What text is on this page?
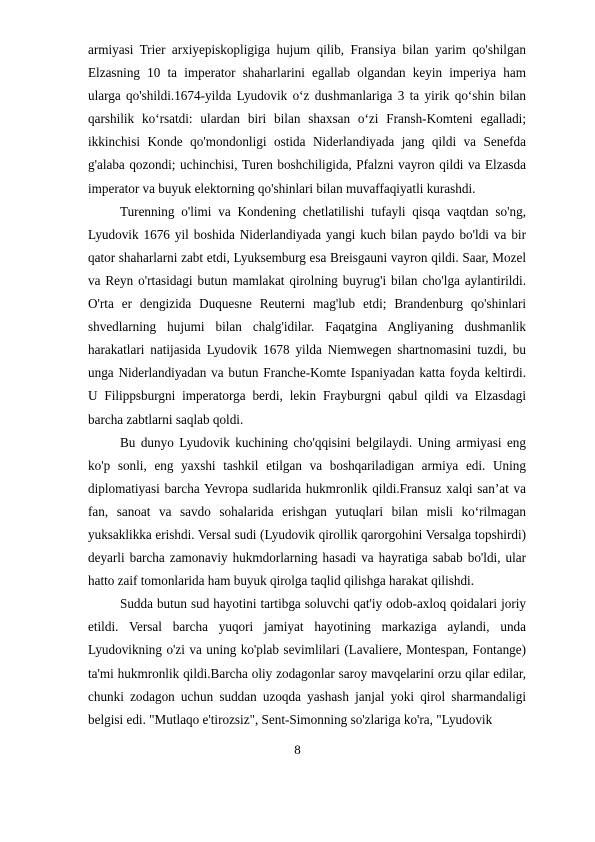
armiyasi Trier arxiyepiskopligiga hujum qilib, Fransiya bilan yarim qo'shilgan Elzasning 10 ta imperator shaharlarini egallab olgandan keyin imperiya ham ularga qo'shildi.1674-yilda Lyudovik o‘z dushmanlariga 3 ta yirik qo‘shin bilan qarshilik ko‘rsatdi: ulardan biri bilan shaxsan o‘zi Fransh-Komteni egalladi; ikkinchisi Konde qo'mondonligi ostida Niderlandiyada jang qildi va Senefda g'alaba qozondi; uchinchisi, Turen boshchiligida, Pfalzni vayron qildi va Elzasda imperator va buyuk elektorning qo'shinlari bilan muvaffaqiyatli kurashdi.

Turenning o'limi va Kondening chetlatilishi tufayli qisqa vaqtdan so'ng, Lyudovik 1676 yil boshida Niderlandiyada yangi kuch bilan paydo bo'ldi va bir qator shaharlarni zabt etdi, Lyuksemburg esa Breisgauni vayron qildi. Saar, Mozel va Reyn o'rtasidagi butun mamlakat qirolning buyrug'i bilan cho'lga aylantirildi. O'rta er dengizida Duquesne Reuterni mag'lub etdi; Brandenburg qo'shinlari shvedlarning hujumi bilan chalg'idilar. Faqatgina Angliyaning dushmanlik harakatlari natijasida Lyudovik 1678 yilda Niemwegen shartnomasini tuzdi, bu unga Niderlandiyadan va butun Franche-Komte Ispaniyadan katta foyda keltirdi. U Filippsburgni imperatorga berdi, lekin Frayburgni qabul qildi va Elzasdagi barcha zabtlarni saqlab qoldi.

Bu dunyo Lyudovik kuchining cho'qqisini belgilaydi. Uning armiyasi eng ko'p sonli, eng yaxshi tashkil etilgan va boshqariladigan armiya edi. Uning diplomatiyasi barcha Yevropa sudlarida hukmronlik qildi.Fransuz xalqi san’at va fan, sanoat va savdo sohalarida erishgan yutuqlari bilan misli ko‘rilmagan yuksaklikka erishdi. Versal sudi (Lyudovik qirollik qarorgohini Versalga topshirdi) deyarli barcha zamonaviy hukmdorlarning hasadi va hayratiga sabab bo'ldi, ular hatto zaif tomonlarida ham buyuk qirolga taqlid qilishga harakat qilishdi.

Sudda butun sud hayotini tartibga soluvchi qat'iy odob-axloq qoidalari joriy etildi. Versal barcha yuqori jamiyat hayotining markaziga aylandi, unda Lyudovikning o'zi va uning ko'plab sevimlilari (Lavaliere, Montespan, Fontange) ta'mi hukmronlik qildi.Barcha oliy zodagonlar saroy mavqelarini orzu qilar edilar, chunki zodagon uchun suddan uzoqda yashash janjal yoki qirol sharmandaligi belgisi edi. "Mutlaqo e'tirozsiz", Sent-Simonning so'zlariga ko'ra, "Lyudovik

8
